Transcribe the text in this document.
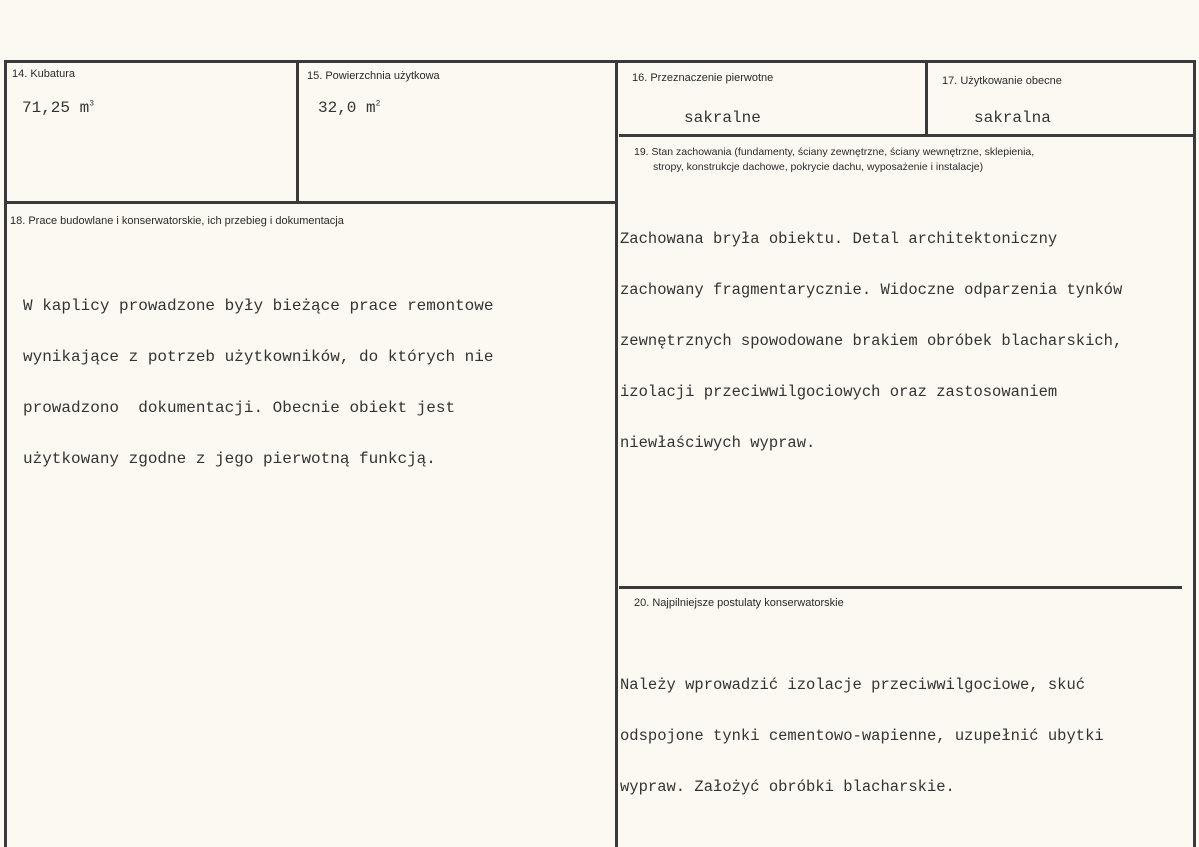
14. Kubatura
71,25 $m^3$
15. Powierzchnia użytkowa
32,0 $m^2$
16. Przeznaczenie pierwotne
sakralne
17. Użytkowanie obecne
sakralna
18. Prace budowlane i konserwatorskie, ich przebieg i dokumentacja

W kaplicy prowadzone były bieżące prace remontowe

wynikające z potrzeb użytkowników, do których nie

prowadzono  dokumentacji. Obecnie obiekt jest

użytkowany zgodne z jego pierwotną funkcją.

19. Stan zachowania (fundamenty, ściany zewnętrzne, ściany wewnętrzne, sklepienia,
stropy, konstrukcje dachowe, pokrycie dachu, wyposażenie i instalacje)

Zachowana bryła obiektu. Detal architektoniczny

zachowany fragmentarycznie. Widoczne odparzenia tynków

zewnętrznych spowodowane brakiem obróbek blacharskich,

izolacji przeciwwilgociowych oraz zastosowaniem

niewłaściwych wypraw.

20. Najpilniejsze postulaty konserwatorskie

Należy wprowadzić izolacje przeciwwilgociowe, skuć

odspojone tynki cementowo-wapienne, uzupełnić ubytki

wypraw. Założyć obróbki blacharskie.
